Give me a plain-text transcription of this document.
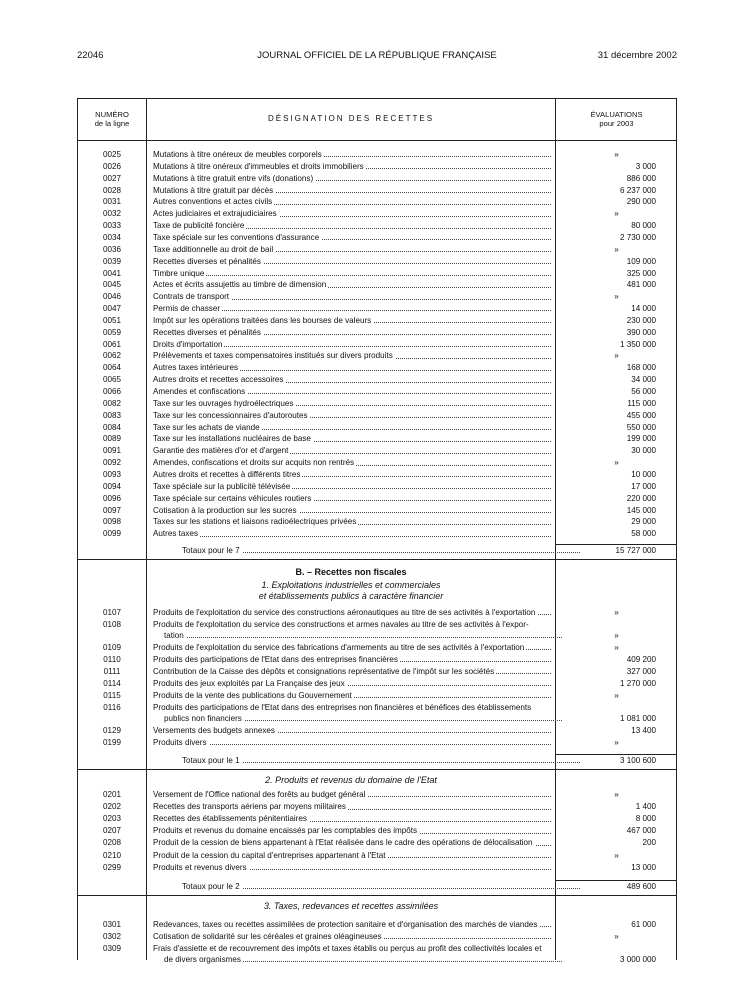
22046	JOURNAL OFFICIEL DE LA RÉPUBLIQUE FRANÇAISE	31 décembre 2002
NUMÉRO
de la ligne	DÉSIGNATION DES RECETTES	ÉVALUATIONS
pour 2003
0025	Mutations à titre onéreux de meubles corporels	»
0026	Mutations à titre onéreux d'immeubles et droits immobiliers	3 000
0027	Mutations à titre gratuit entre vifs (donations)	886 000
0028	Mutations à titre gratuit par décès	6 237 000
0031	Autres conventions et actes civils	290 000
0032	Actes judiciaires et extrajudiciaires	»
0033	Taxe de publicité foncière	80 000
0034	Taxe spéciale sur les conventions d'assurance	2 730 000
0036	Taxe additionnelle au droit de bail	»
0039	Recettes diverses et pénalités	109 000
0041	Timbre unique	325 000
0045	Actes et écrits assujettis au timbre de dimension	481 000
0046	Contrats de transport	»
0047	Permis de chasser	14 000
0051	Impôt sur les opérations traitées dans les bourses de valeurs	230 000
0059	Recettes diverses et pénalités	390 000
0061	Droits d'importation	1 350 000
0062	Prélèvements et taxes compensatoires institués sur divers produits	»
0064	Autres taxes intérieures	168 000
0065	Autres droits et recettes accessoires	34 000
0066	Amendes et confiscations	56 000
0082	Taxe sur les ouvrages hydroélectriques	115 000
0083	Taxe sur les concessionnaires d'autoroutes	455 000
0084	Taxe sur les achats de viande	550 000
0089	Taxe sur les installations nucléaires de base	199 000
0091	Garantie des matières d'or et d'argent	30 000
0092	Amendes, confiscations et droits sur acquits non rentrés	»
0093	Autres droits et recettes à différents titres	10 000
0094	Taxe spéciale sur la publicité télévisée	17 000
0096	Taxe spéciale sur certains véhicules routiers	220 000
0097	Cotisation à la production sur les sucres	145 000
0098	Taxes sur les stations et liaisons radioélectriques privées	29 000
0099	Autres taxes	58 000
Totaux pour le 7	15 727 000
B. – Recettes non fiscales
1. Exploitations industrielles et commerciales
et établissements publics à caractère financier
0107	Produits de l'exploitation du service des constructions aéronautiques au titre de ses activités à l'exportation	»
0108	Produits de l'exploitation du service des constructions et armes navales au titre de ses activités à l'expor-
tation	»
0109	Produits de l'exploitation du service des fabrications d'armements au titre de ses activités à l'exportation	»
0110	Produits des participations de l'Etat dans des entreprises financières	409 200
0111	Contribution de la Caisse des dépôts et consignations représentative de l'impôt sur les sociétés	327 000
0114	Produits des jeux exploités par La Française des jeux	1 270 000
0115	Produits de la vente des publications du Gouvernement	»
0116	Produits des participations de l'Etat dans des entreprises non financières et bénéfices des établissements
publics non financiers	1 081 000
0129	Versements des budgets annexes	13 400
0199	Produits divers	»
Totaux pour le 1	3 100 600
2. Produits et revenus du domaine de l'Etat
0201	Versement de l'Office national des forêts au budget général	»
0202	Recettes des transports aériens par moyens militaires	1 400
0203	Recettes des établissements pénitentiaires	8 000
0207	Produits et revenus du domaine encaissés par les comptables des impôts	467 000
0208	Produit de la cession de biens appartenant à l'Etat réalisée dans le cadre des opérations de délocalisation	200
0210	Produit de la cession du capital d'entreprises appartenant à l'Etat	»
0299	Produits et revenus divers	13 000
Totaux pour le 2	489 600
3. Taxes, redevances et recettes assimilées
0301	Redevances, taxes ou recettes assimilées de protection sanitaire et d'organisation des marchés de viandes	61 000
0302	Cotisation de solidarité sur les céréales et graines oléagineuses	»
0309	Frais d'assiette et de recouvrement des impôts et taxes établis ou perçus au profit des collectivités locales et
de divers organismes	3 000 000
